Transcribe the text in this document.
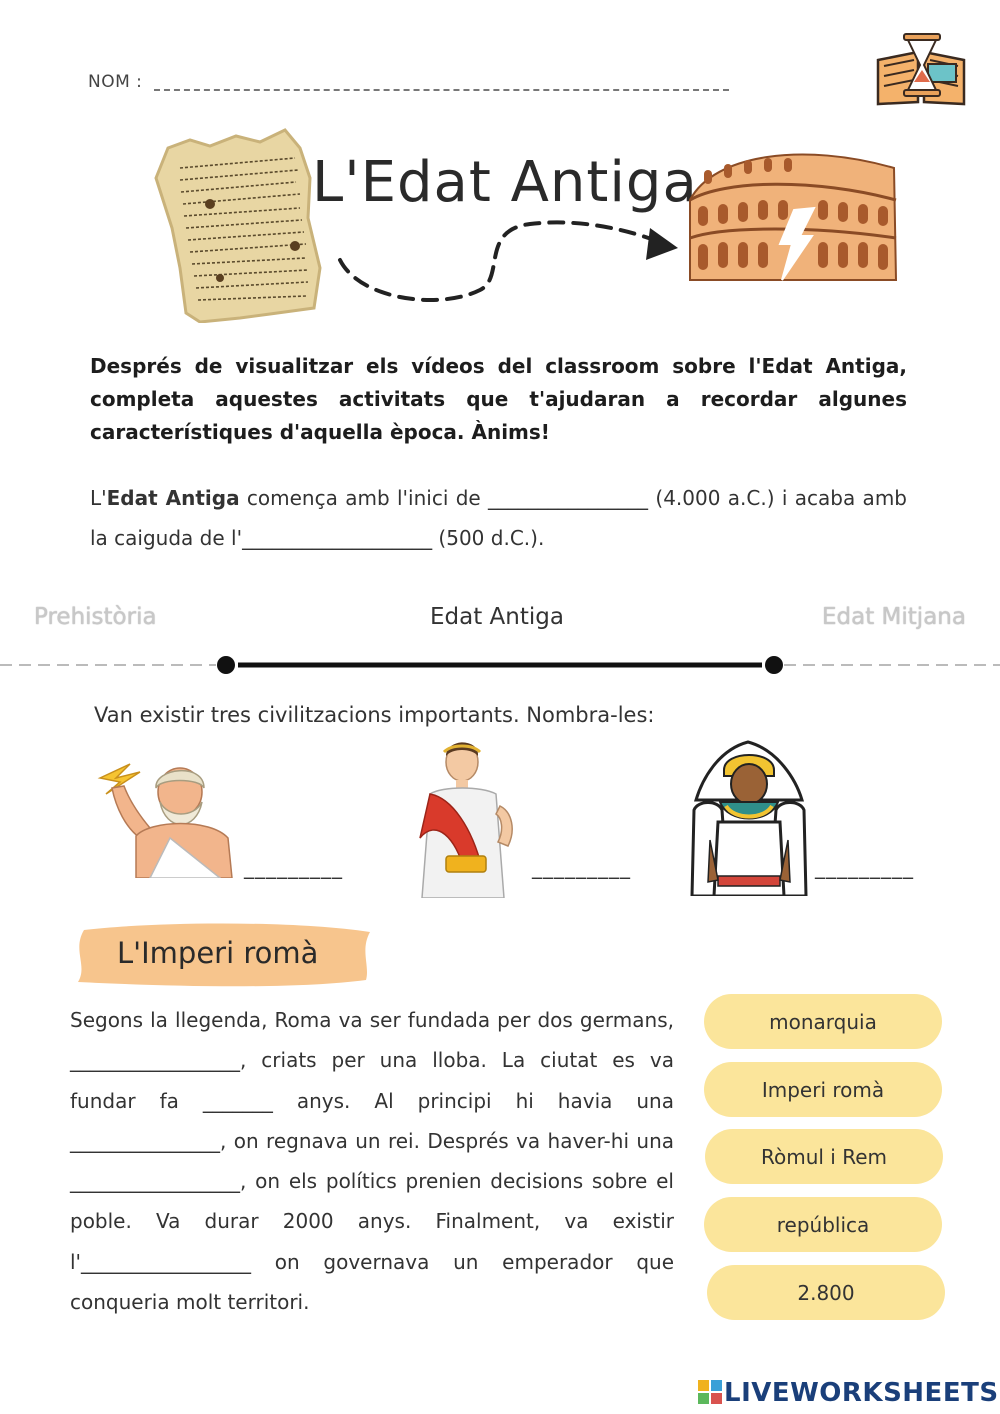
NOM :
L'Edat Antiga
Després de visualitzar els vídeos del classroom sobre l'Edat Antiga, completa aquestes activitats que t'ajudaran a recordar algunes característiques d'aquella època. Ànims!
L'Edat Antiga comença amb l'inici de ________________ (4.000 a.C.) i acaba amb la caiguda de l'___________________ (500 d.C.).
Prehistòria	Edat Antiga	Edat Mitjana
Van existir tres civilitzacions importants. Nombra-les:
_________	_________	_________
L'Imperi romà
Segons la llegenda, Roma va ser fundada per dos germans, _________________, criats per una lloba. La ciutat es va fundar fa _______ anys. Al principi hi havia una _______________, on regnava un rei. Després va haver-hi una _________________, on els polítics prenien decisions sobre el poble. Va durar 2000 anys. Finalment, va existir l'_________________ on governava un emperador que conqueria molt territori.
monarquia
Imperi romà
Ròmul i Rem
república
2.800
LIVEWORKSHEETS
